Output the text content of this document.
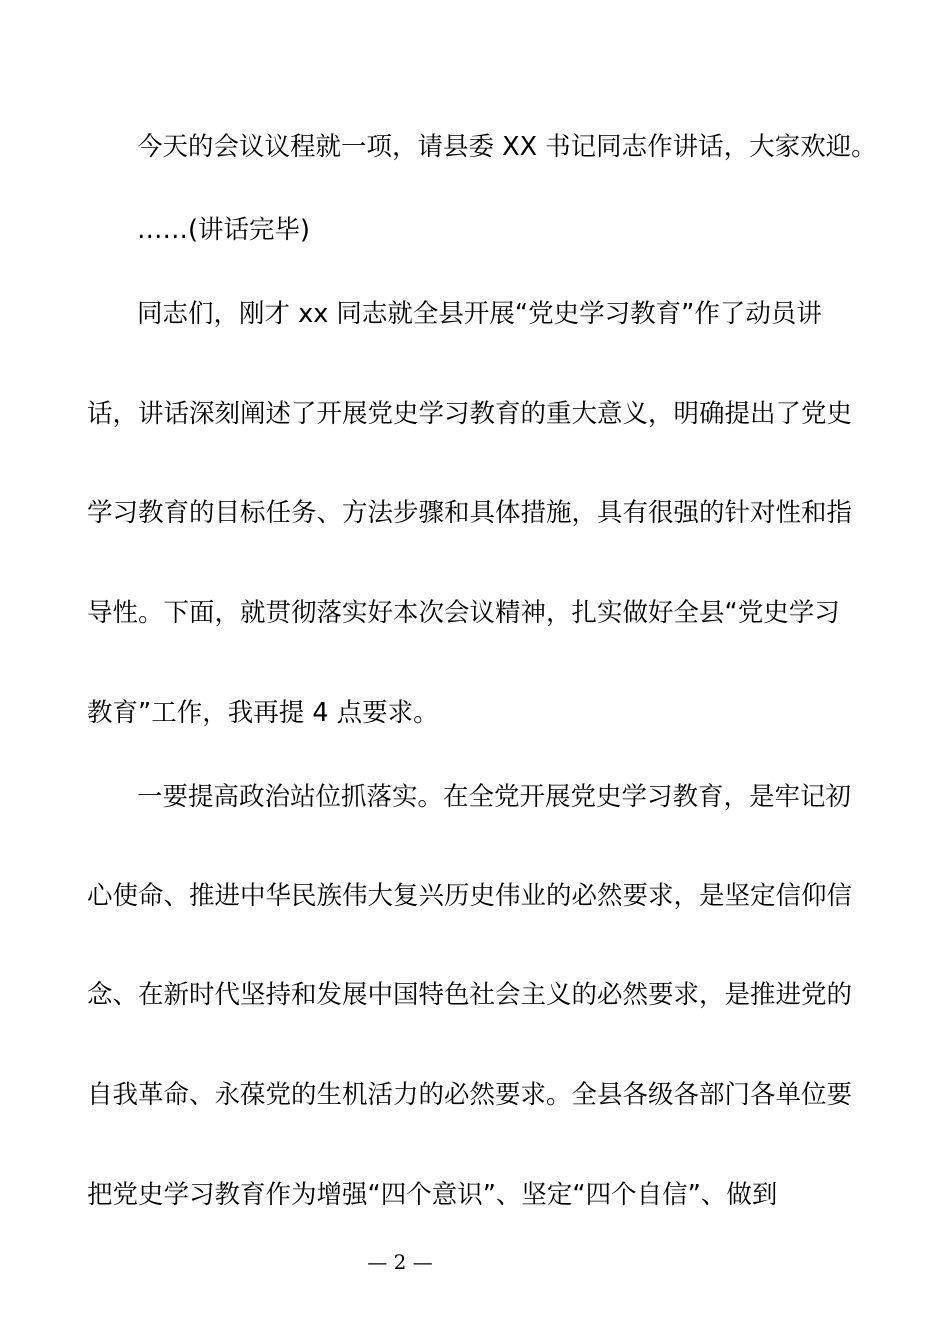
今天的会议议程就一项，请县委 XX 书记同志作讲话，大家欢迎。
……(讲话完毕)
同志们，刚才 xx 同志就全县开展“党史学习教育”作了动员讲
话，讲话深刻阐述了开展党史学习教育的重大意义，明确提出了党史
学习教育的目标任务、方法步骤和具体措施，具有很强的针对性和指
导性。下面，就贯彻落实好本次会议精神，扎实做好全县“党史学习
教育”工作，我再提 4 点要求。
一要提高政治站位抓落实。在全党开展党史学习教育，是牢记初
心使命、推进中华民族伟大复兴历史伟业的必然要求，是坚定信仰信
念、在新时代坚持和发展中国特色社会主义的必然要求，是推进党的
自我革命、永葆党的生机活力的必然要求。全县各级各部门各单位要
把党史学习教育作为增强“四个意识”、坚定“四个自信”、做到
— 2 —
